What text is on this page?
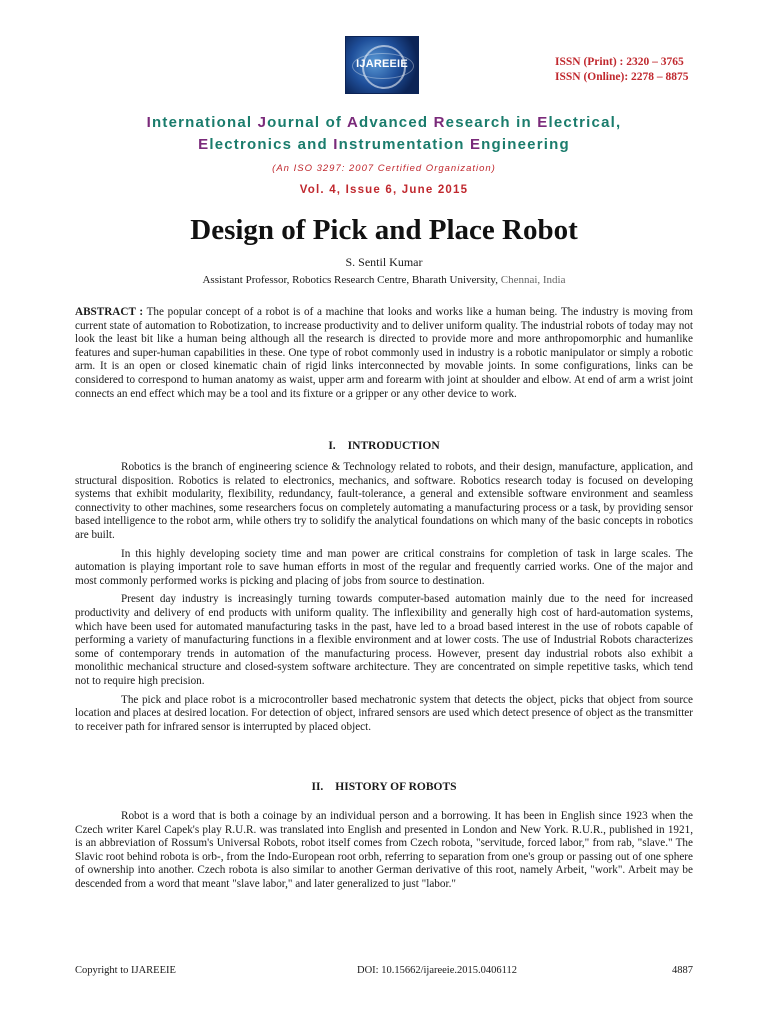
IJAREEIE	ISSN (Print) : 2320 – 3765
ISSN (Online): 2278 – 8875
International Journal of Advanced Research in Electrical,
Electronics and Instrumentation Engineering
(An ISO 3297: 2007 Certified Organization)
Vol. 4, Issue 6, June 2015
Design of Pick and Place Robot
S. Sentil Kumar
Assistant Professor, Robotics Research Centre, Bharath University, Chennai, India

ABSTRACT : The popular concept of a robot is of a machine that looks and works like a human being. The industry is moving from current state of automation to Robotization, to increase productivity and to deliver uniform quality. The industrial robots of today may not look the least bit like a human being although all the research is directed to provide more and more anthropomorphic and humanlike features and super-human capabilities in these. One type of robot commonly used in industry is a robotic manipulator or simply a robotic arm. It is an open or closed kinematic chain of rigid links interconnected by movable joints. In some configurations, links can be considered to correspond to human anatomy as waist, upper arm and forearm with joint at shoulder and elbow. At end of arm a wrist joint connects an end effect which may be a tool and its fixture or a gripper or any other device to work.

I. INTRODUCTION

Robotics is the branch of engineering science & Technology related to robots, and their design, manufacture, application, and structural disposition. Robotics is related to electronics, mechanics, and software. Robotics research today is focused on developing systems that exhibit modularity, flexibility, redundancy, fault-tolerance, a general and extensible software environment and seamless connectivity to other machines, some researchers focus on completely automating a manufacturing process or a task, by providing sensor based intelligence to the robot arm, while others try to solidify the analytical foundations on which many of the basic concepts in robotics are built.

In this highly developing society time and man power are critical constrains for completion of task in large scales. The automation is playing important role to save human efforts in most of the regular and frequently carried works. One of the major and most commonly performed works is picking and placing of jobs from source to destination.

Present day industry is increasingly turning towards computer-based automation mainly due to the need for increased productivity and delivery of end products with uniform quality. The inflexibility and generally high cost of hard-automation systems, which have been used for automated manufacturing tasks in the past, have led to a broad based interest in the use of robots capable of performing a variety of manufacturing functions in a flexible environment and at lower costs. The use of Industrial Robots characterizes some of contemporary trends in automation of the manufacturing process. However, present day industrial robots also exhibit a monolithic mechanical structure and closed-system software architecture. They are concentrated on simple repetitive tasks, which tend not to require high precision.

The pick and place robot is a microcontroller based mechatronic system that detects the object, picks that object from source location and places at desired location. For detection of object, infrared sensors are used which detect presence of object as the transmitter to receiver path for infrared sensor is interrupted by placed object.

II. HISTORY OF ROBOTS

Robot is a word that is both a coinage by an individual person and a borrowing. It has been in English since 1923 when the Czech writer Karel Capek's play R.U.R. was translated into English and presented in London and New York. R.U.R., published in 1921, is an abbreviation of Rossum's Universal Robots, robot itself comes from Czech robota, "servitude, forced labor," from rab, "slave." The Slavic root behind robota is orb-, from the Indo-European root orbh, referring to separation from one's group or passing out of one sphere of ownership into another. Czech robota is also similar to another German derivative of this root, namely Arbeit, "work". Arbeit may be descended from a word that meant "slave labor," and later generalized to just "labor."

Copyright to IJAREEIE	DOI: 10.15662/ijareeie.2015.0406112	4887
